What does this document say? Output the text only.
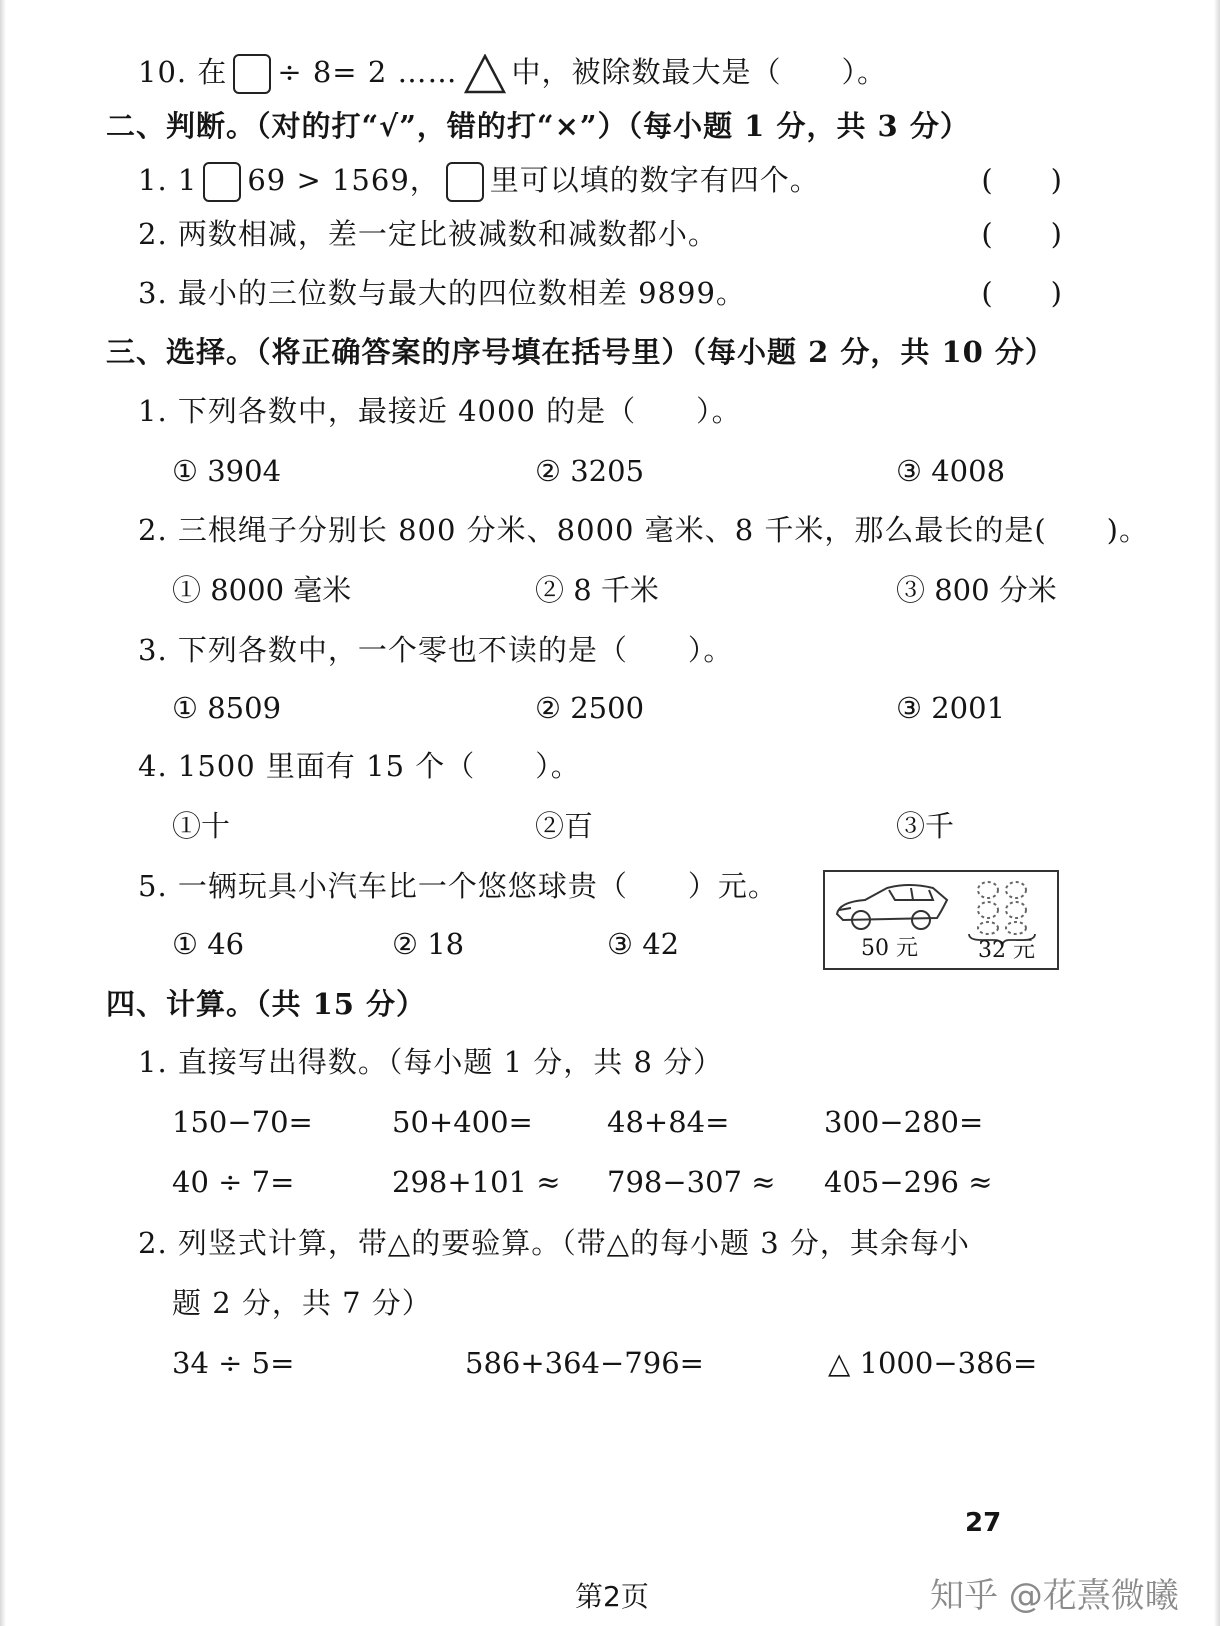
10. 在 ÷ 8= 2 …… 中，被除数最大是（　　）。
二、判断。（对的打“√”，错的打“×”）（每小题 1 分，共 3 分）
1. 1 69 > 1569， 里可以填的数字有四个。	(　　)
2. 两数相减，差一定比被减数和减数都小。	(　　)
3. 最小的三位数与最大的四位数相差 9899。	(　　)
三、选择。（将正确答案的序号填在括号里）（每小题 2 分，共 10 分）
1. 下列各数中，最接近 4000 的是（　　）。
① 3904	② 3205	③ 4008
2. 三根绳子分别长 800 分米、8000 毫米、8 千米，那么最长的是(　　)。
① 8000 毫米	② 8 千米	③ 800 分米
3. 下列各数中，一个零也不读的是（　　）。
① 8509	② 2500	③ 2001
4. 1500 里面有 15 个（　　）。
①十	②百	③千
5. 一辆玩具小汽车比一个悠悠球贵（　　）元。
① 46	② 18	③ 42	50 元	32 元
四、计算。（共 15 分）
1. 直接写出得数。（每小题 1 分，共 8 分）
150−70=	50+400=	48+84=	300−280=
40 ÷ 7=	298+101 ≈ 798−307 ≈ 405−296 ≈
2. 列竖式计算，带△的要验算。（带△的每小题 3 分，其余每小
题 2 分，共 7 分）
34 ÷ 5=	586+364−796=	△ 1000−386=
27
第2页	知乎 @花熹微曦
